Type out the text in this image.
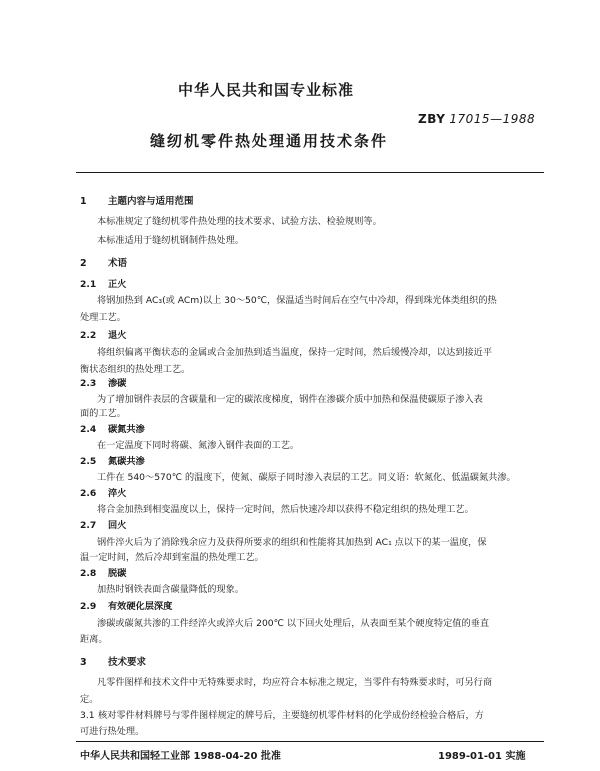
中华人民共和国专业标准
ZBY 17015—1988
缝纫机零件热处理通用技术条件
1 主题内容与适用范围
本标准规定了缝纫机零件热处理的技术要求、试验方法、检验规则等。
本标准适用于缝纫机钢制件热处理。
2 术语
2.1 正火
将钢加热到 AC₃(或 ACm)以上 30～50℃，保温适当时间后在空气中冷却，得到珠光体类组织的热
处理工艺。
2.2 退火
将组织偏离平衡状态的金属或合金加热到适当温度，保持一定时间，然后缓慢冷却，以达到接近平
衡状态组织的热处理工艺。
2.3 渗碳
为了增加钢件表层的含碳量和一定的碳浓度梯度，钢件在渗碳介质中加热和保温使碳原子渗入表
面的工艺。
2.4 碳氮共渗
在一定温度下同时将碳、氮渗入钢件表面的工艺。
2.5 氮碳共渗
工件在 540～570℃ 的温度下，使氮、碳原子同时渗入表层的工艺。同义语：软氮化、低温碳氮共渗。
2.6 淬火
将合金加热到相变温度以上，保持一定时间，然后快速冷却以获得不稳定组织的热处理工艺。
2.7 回火
钢件淬火后为了消除残余应力及获得所要求的组织和性能将其加热到 AC₁ 点以下的某一温度，保
温一定时间，然后冷却到室温的热处理工艺。
2.8 脱碳
加热时钢铁表面含碳量降低的现象。
2.9 有效硬化层深度
渗碳或碳氮共渗的工件经淬火或淬火后 200℃ 以下回火处理后，从表面至某个硬度特定值的垂直
距离。
3 技术要求
凡零件图样和技术文件中无特殊要求时，均应符合本标准之规定，当零件有特殊要求时，可另行商
定。
3.1 核对零件材料牌号与零件图样规定的牌号后，主要缝纫机零件材料的化学成份经检验合格后，方
可进行热处理。
中华人民共和国轻工业部 1988-04-20 批准	1989-01-01 实施
